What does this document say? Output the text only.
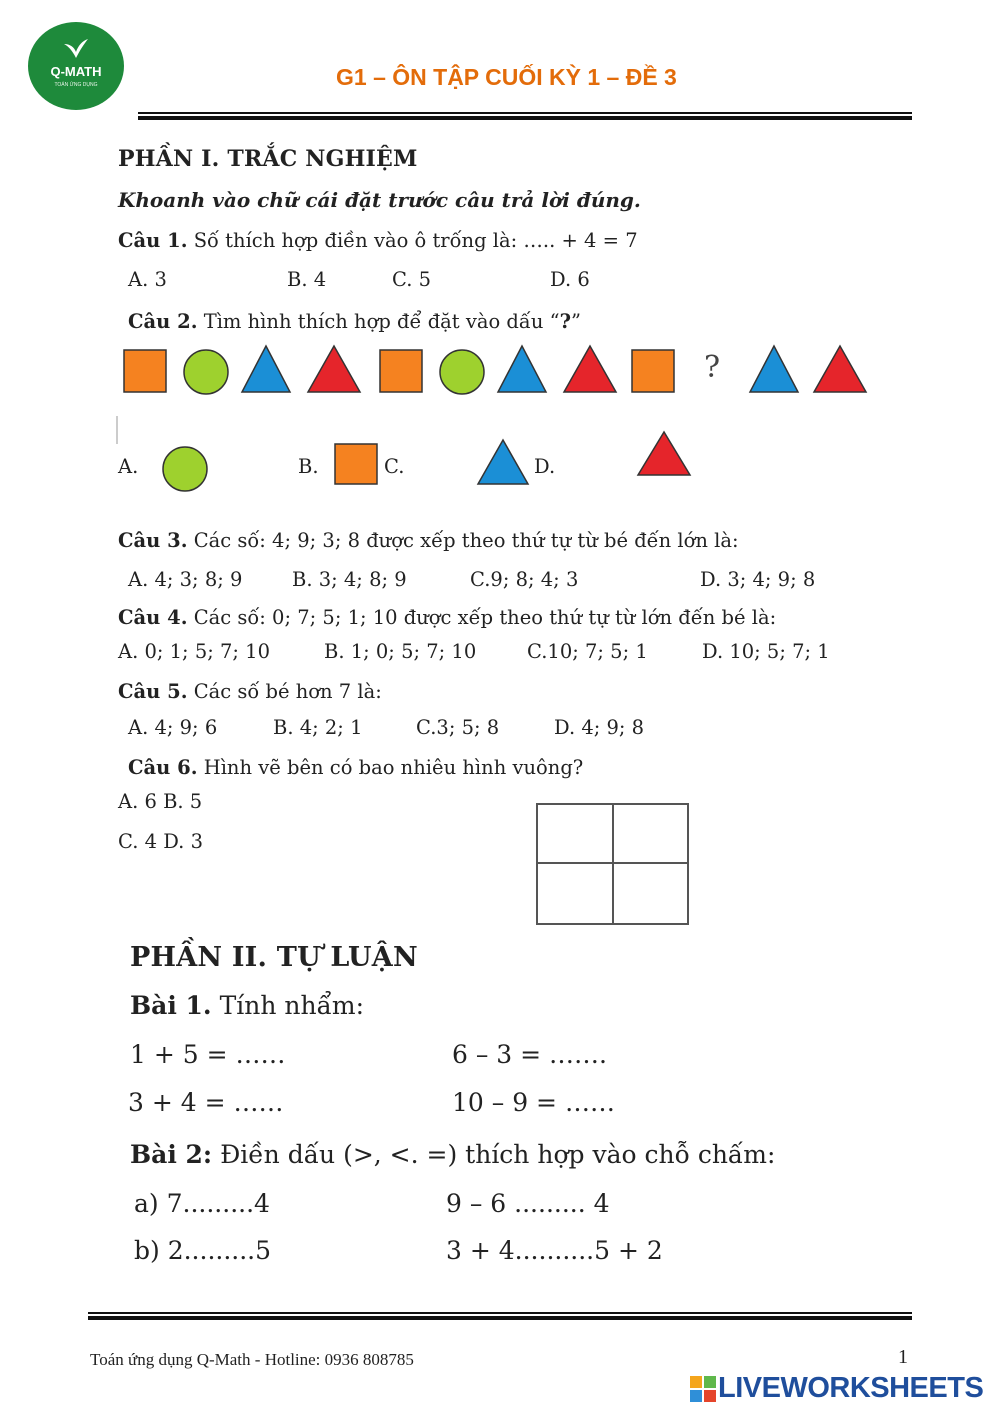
Q-MATH
TOÁN ỨNG DỤNG	G1 – ÔN TẬP CUỐI KỲ 1 – ĐỀ 3
PHẦN I. TRẮC NGHIỆM
Khoanh vào chữ cái đặt trước câu trả lời đúng.
Câu 1. Số thích hợp điền vào ô trống là: ….. + 4 = 7
A. 3	B. 4	C. 5	D. 6
Câu 2. Tìm hình thích hợp để đặt vào dấu “?”
?
A.	B.	C.	D.
Câu 3. Các số: 4; 9; 3; 8 được xếp theo thứ tự từ bé đến lớn là:
A. 4; 3; 8; 9	B. 3; 4; 8; 9	C.9; 8; 4; 3	D. 3; 4; 9; 8
Câu 4. Các số: 0; 7; 5; 1; 10 được xếp theo thứ tự từ lớn đến bé là:
A. 0; 1; 5; 7; 10	B. 1; 0; 5; 7; 10	C.10; 7; 5; 1	D. 10; 5; 7; 1
Câu 5. Các số bé hơn 7 là:
A. 4; 9; 6	B. 4; 2; 1	C.3; 5; 8	D. 4; 9; 8
Câu 6. Hình vẽ bên có bao nhiêu hình vuông?
A. 6 B. 5
C. 4 D. 3
PHẦN II. TỰ LUẬN
Bài 1. Tính nhẩm:
1 + 5 = ……	6 – 3 = …….
3 + 4 = ……	10 – 9 = ……
Bài 2: Điền dấu (>, <. =) thích hợp vào chỗ chấm:
a) 7.........4	9 – 6 ......... 4
b) 2.........5	3 + 4..........5 + 2
Toán ứng dụng Q-Math - Hotline: 0936 808785	1
LIVEWORKSHEETS
